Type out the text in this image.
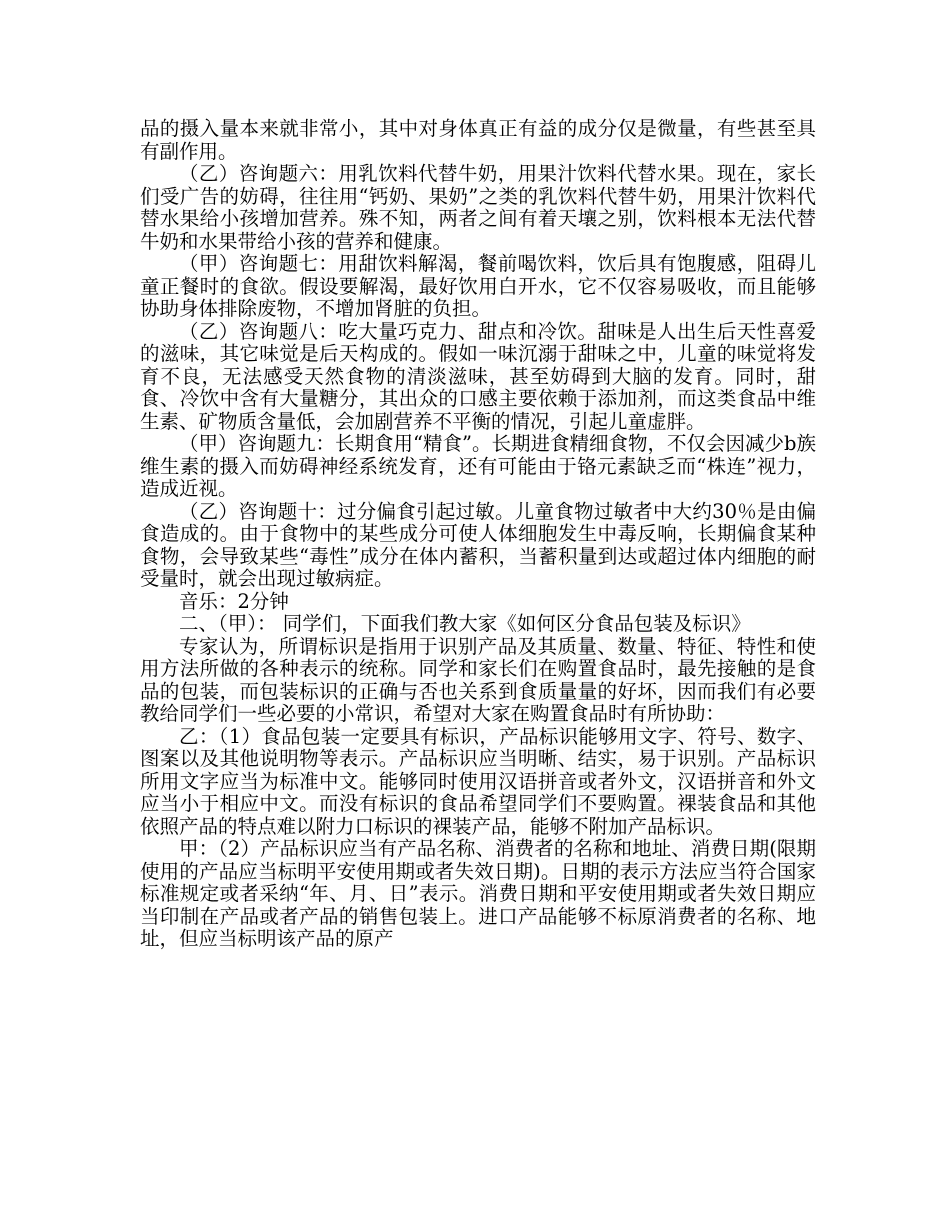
品的摄入量本来就非常小，其中对身体真正有益的成分仅是微量，有些甚至具有副作用。

（乙）咨询题六：用乳饮料代替牛奶，用果汁饮料代替水果。现在，家长们受广告的妨碍，往往用“钙奶、果奶”之类的乳饮料代替牛奶，用果汁饮料代替水果给小孩增加营养。殊不知，两者之间有着天壤之别，饮料根本无法代替牛奶和水果带给小孩的营养和健康。

（甲）咨询题七：用甜饮料解渴，餐前喝饮料，饮后具有饱腹感，阻碍儿童正餐时的食欲。假设要解渴，最好饮用白开水，它不仅容易吸收，而且能够协助身体排除废物，不增加肾脏的负担。

（乙）咨询题八：吃大量巧克力、甜点和冷饮。甜味是人出生后天性喜爱的滋味，其它味觉是后天构成的。假如一味沉溺于甜味之中，儿童的味觉将发育不良，无法感受天然食物的清淡滋味，甚至妨碍到大脑的发育。同时，甜食、冷饮中含有大量糖分，其出众的口感主要依赖于添加剂，而这类食品中维生素、矿物质含量低，会加剧营养不平衡的情况，引起儿童虚胖。

（甲）咨询题九：长期食用“精食”。长期进食精细食物，不仅会因减少b族维生素的摄入而妨碍神经系统发育，还有可能由于铬元素缺乏而“株连”视力，造成近视。

（乙）咨询题十：过分偏食引起过敏。儿童食物过敏者中大约30％是由偏食造成的。由于食物中的某些成分可使人体细胞发生中毒反响，长期偏食某种食物，会导致某些“毒性”成分在体内蓄积，当蓄积量到达或超过体内细胞的耐受量时，就会出现过敏病症。

音乐：2分钟

二、（甲）： 同学们，下面我们教大家《如何区分食品包装及标识》

专家认为，所谓标识是指用于识别产品及其质量、数量、特征、特性和使用方法所做的各种表示的统称。同学和家长们在购置食品时，最先接触的是食品的包装，而包装标识的正确与否也关系到食质量量的好坏，因而我们有必要教给同学们一些必要的小常识，希望对大家在购置食品时有所协助：

乙：（1）食品包装一定要具有标识，产品标识能够用文字、符号、数字、图案以及其他说明物等表示。产品标识应当明晰、结实，易于识别。产品标识所用文字应当为标准中文。能够同时使用汉语拼音或者外文，汉语拼音和外文应当小于相应中文。而没有标识的食品希望同学们不要购置。裸装食品和其他依照产品的特点难以附力口标识的裸装产品，能够不附加产品标识。

甲：（2）产品标识应当有产品名称、消费者的名称和地址、消费日期(限期使用的产品应当标明平安使用期或者失效日期)。日期的表示方法应当符合国家标准规定或者采纳“年、月、日”表示。消费日期和平安使用期或者失效日期应当印制在产品或者产品的销售包装上。进口产品能够不标原消费者的名称、地址，但应当标明该产品的原产
